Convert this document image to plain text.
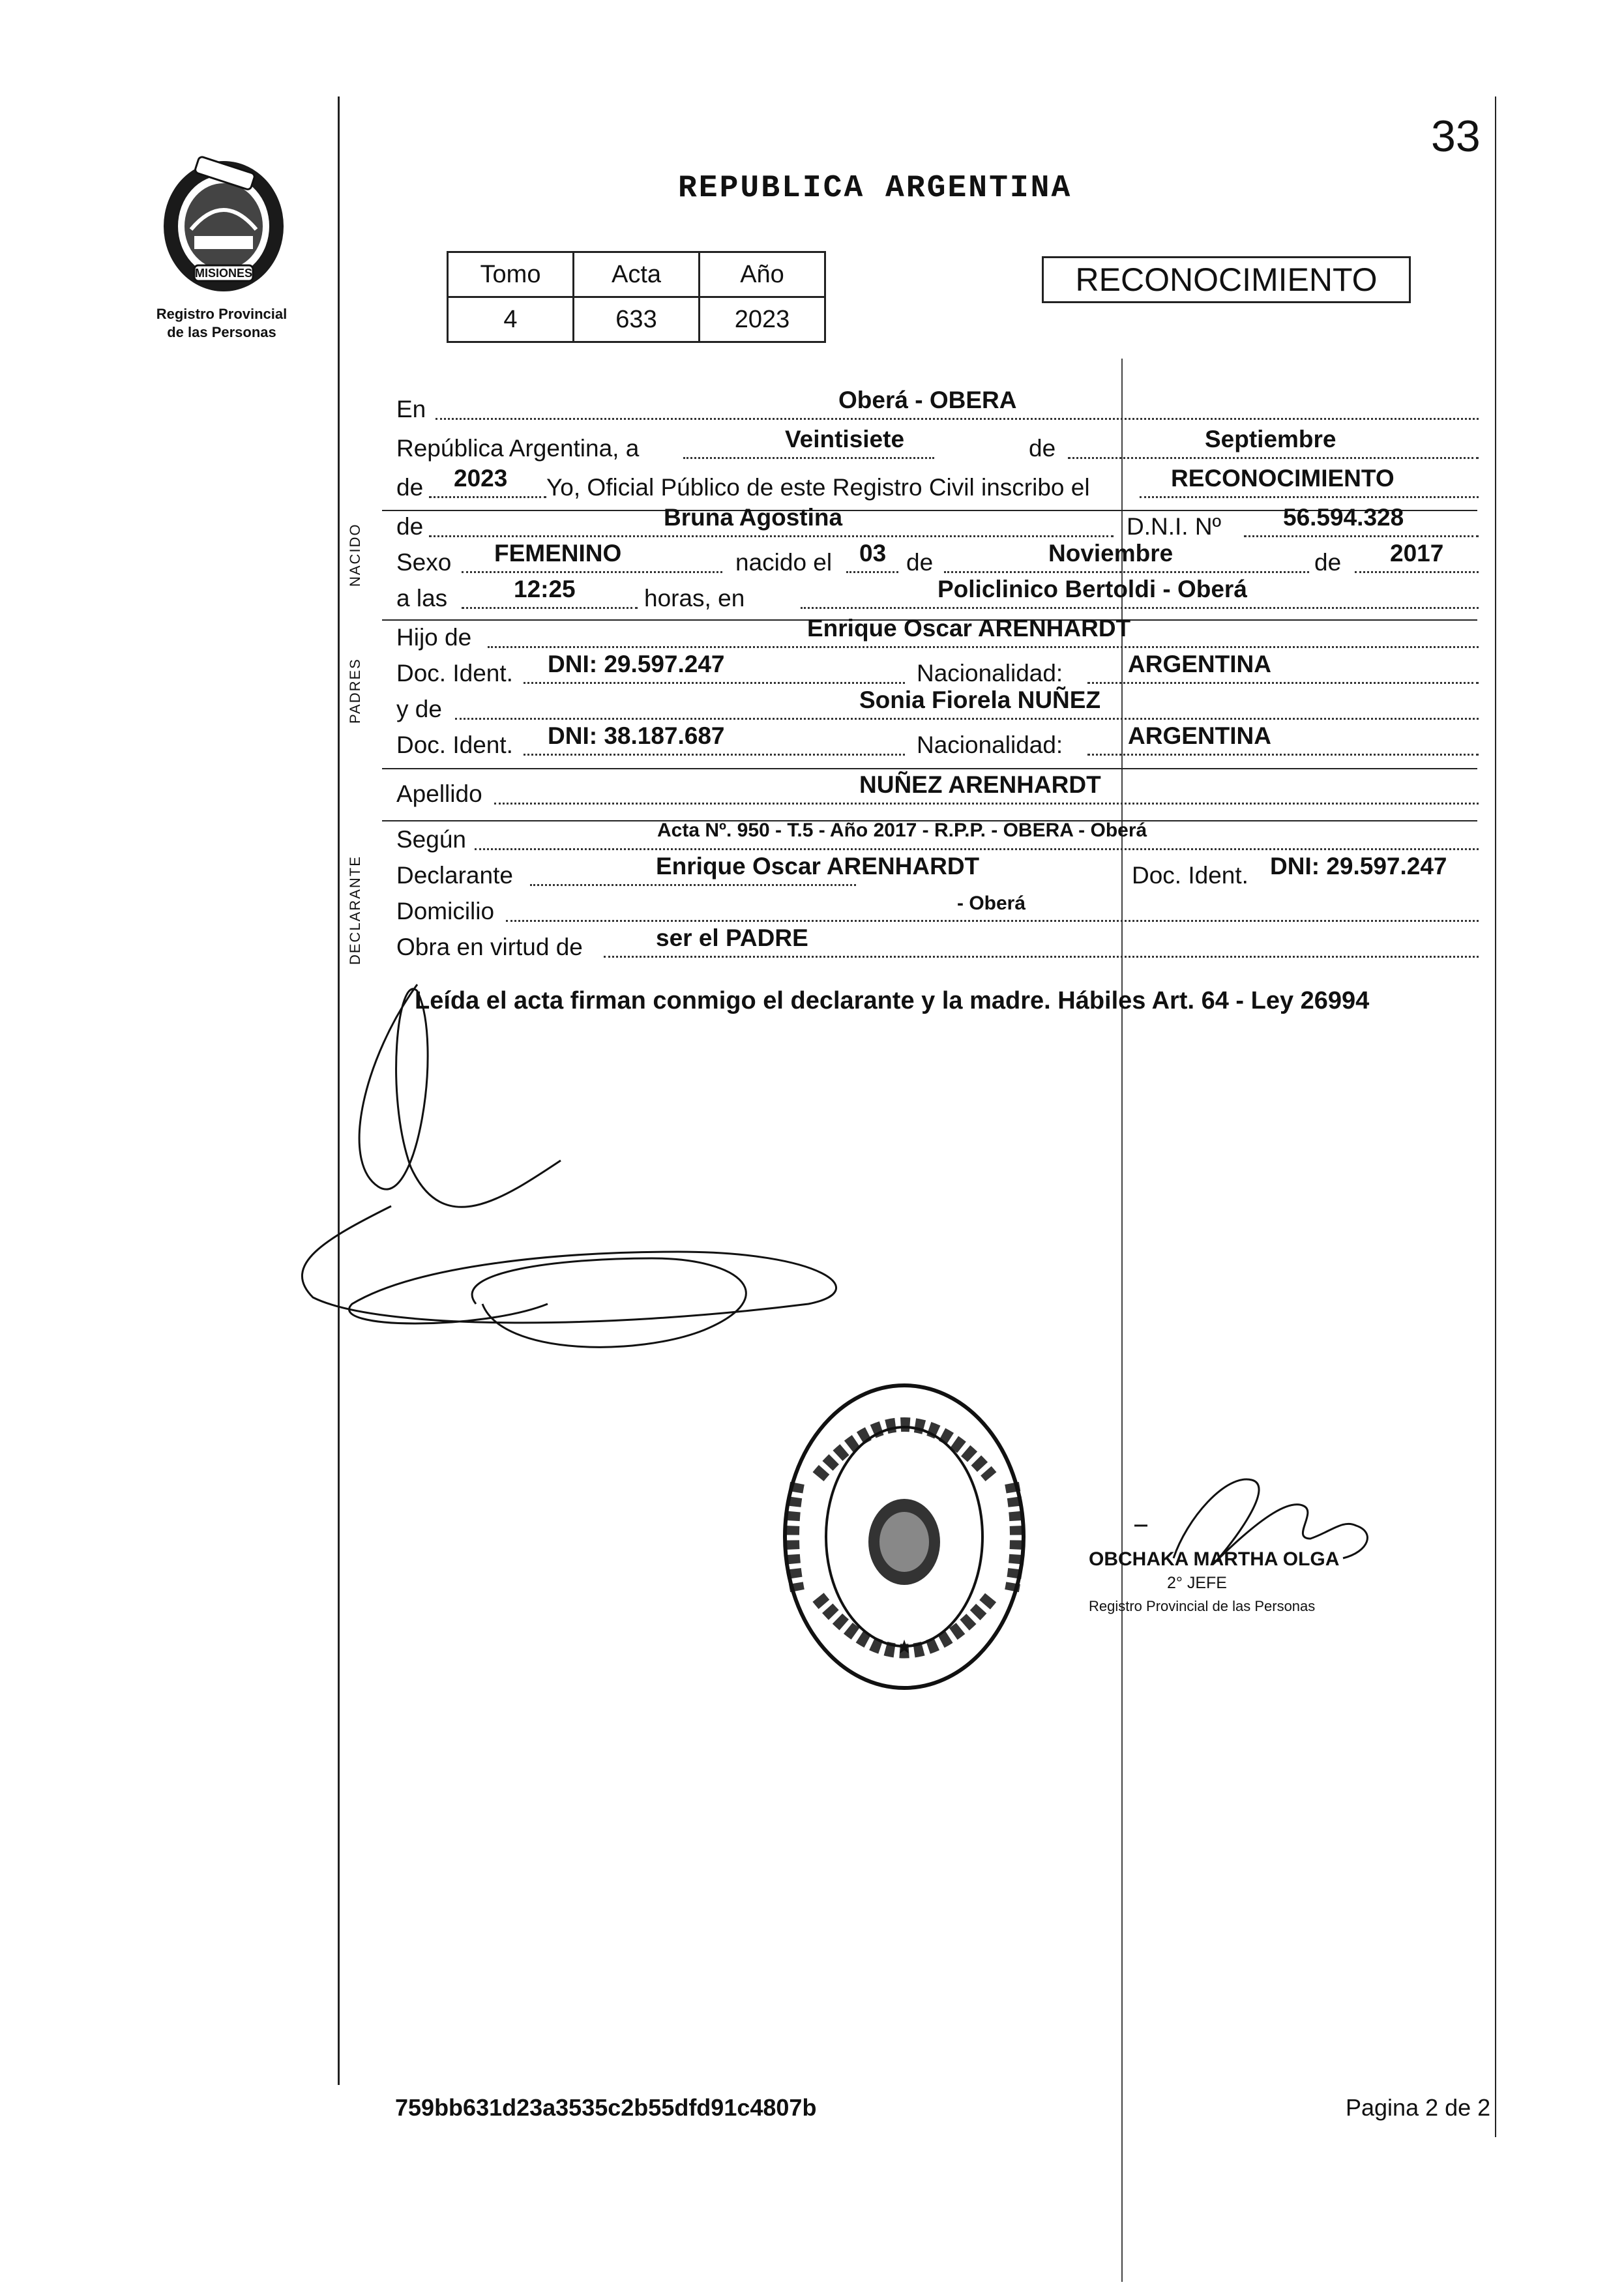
33
REPUBLICA ARGENTINA
MISIONES
Registro Provincial
de las Personas
Tomo	Acta	Año
4	633	2023
RECONOCIMIENTO
En	Oberá - OBERA
República Argentina, a	Veintisiete	de	Septiembre
de 2023 Yo, Oficial Público de este Registro Civil inscribo el	RECONOCIMIENTO
NACIDO de	Bruna Agostina	D.N.I. Nº	56.594.328
Sexo FEMENINO	nacido el 03 de	Noviembre	de 2017
a las	12:25	horas, en	Policlinico Bertoldi - Oberá
PADRES
Hijo de	Enrique Oscar ARENHARDT
Doc. Ident. DNI: 29.597.247	Nacionalidad:	ARGENTINA
y de	Sonia Fiorela NUÑEZ
Doc. Ident. DNI: 38.187.687	Nacionalidad:	ARGENTINA
Apellido	NUÑEZ ARENHARDT
DECLARANTE
Según	Acta Nº. 950 - T.5 - Año 2017 - R.P.P. - OBERA - Oberá
Declarante	Enrique Oscar ARENHARDT	Doc. Ident. DNI: 29.597.247
Domicilio	- Oberá
Obra en virtud de	ser el PADRE
Leída el acta firman conmigo el declarante y la madre. Hábiles Art. 64 - Ley 26994
★
OBCHAKA MARTHA OLGA
2° JEFE
Registro Provincial de las Personas
759bb631d23a3535c2b55dfd91c4807b	Pagina 2 de 2
